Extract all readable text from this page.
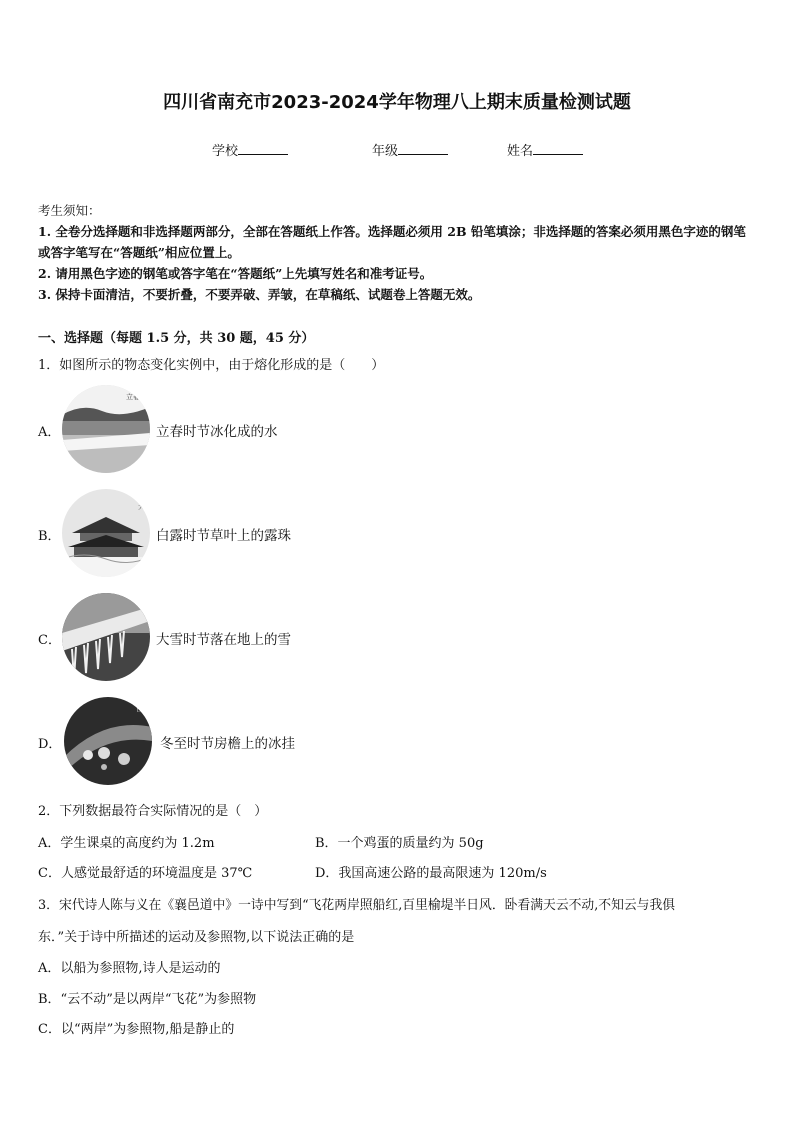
四川省南充市2023-2024学年物理八上期末质量检测试题
学校	年级	姓名
考生须知：
1. 全卷分选择题和非选择题两部分，全部在答题纸上作答。选择题必须用 2B 铅笔填涂；非选择题的答案必须用黑色字迹的钢笔或答字笔写在“答题纸”相应位置上。
2. 请用黑色字迹的钢笔或答字笔在“答题纸”上先填写姓名和准考证号。
3. 保持卡面清洁，不要折叠，不要弄破、弄皱，在草稿纸、试题卷上答题无效。
一、选择题（每题 1.5 分，共 30 题，45 分）
1．如图所示的物态变化实例中，由于熔化形成的是（　　）
A．
立春
立春时节冰化成的水
B．
大
白露时节草叶上的露珠
C．
冬
大雪时节落在地上的雪
D．
白露
冬至时节房檐上的冰挂
2．下列数据最符合实际情况的是（　）
A．学生课桌的高度约为 1.2m	B．一个鸡蛋的质量约为 50g
C．人感觉最舒适的环境温度是 37℃	D．我国高速公路的最高限速为 120m/s
3．宋代诗人陈与义在《襄邑道中》一诗中写到“飞花两岸照船红,百里榆堤半日风．卧看满天云不动,不知云与我俱
东．”关于诗中所描述的运动及参照物,以下说法正确的是
A．以船为参照物,诗人是运动的
B．“云不动”是以两岸“飞花”为参照物
C．以“两岸”为参照物,船是静止的
